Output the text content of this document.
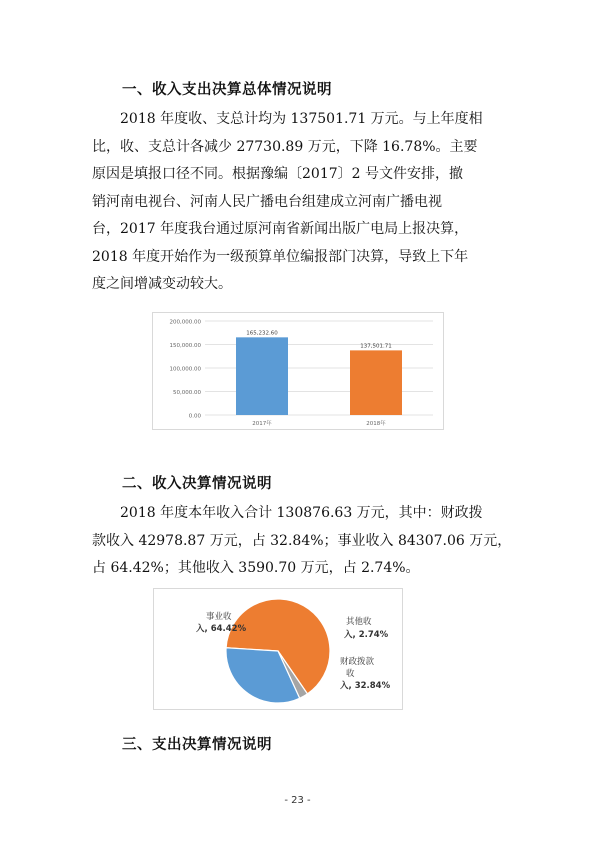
一、收入支出决算总体情况说明
　　2018 年度收、支总计均为 137501.71 万元。与上年度相
比，收、支总计各减少 27730.89 万元，下降 16.78%。主要
原因是填报口径不同。根据豫编〔2017〕2 号文件安排，撤
销河南电视台、河南人民广播电台组建成立河南广播电视
台，2017 年度我台通过原河南省新闻出版广电局上报决算，
2018 年度开始作为一级预算单位编报部门决算，导致上下年
度之间增减变动较大。
200,000.00
150,000.00
100,000.00
50,000.00
0.00
165,232.60
137,501.71
2017年	2018年
二、收入决算情况说明
　　2018 年度本年收入合计 130876.63 万元，其中：财政拨
款收入 42978.87 万元，占 32.84%；事业收入 84307.06 万元，
占 64.42%；其他收入 3590.70 万元，占 2.74%。
事业收
入, 64.42%
其他收
入, 2.74%
财政拨款
收
入, 32.84%
三、支出决算情况说明
- 23 -
